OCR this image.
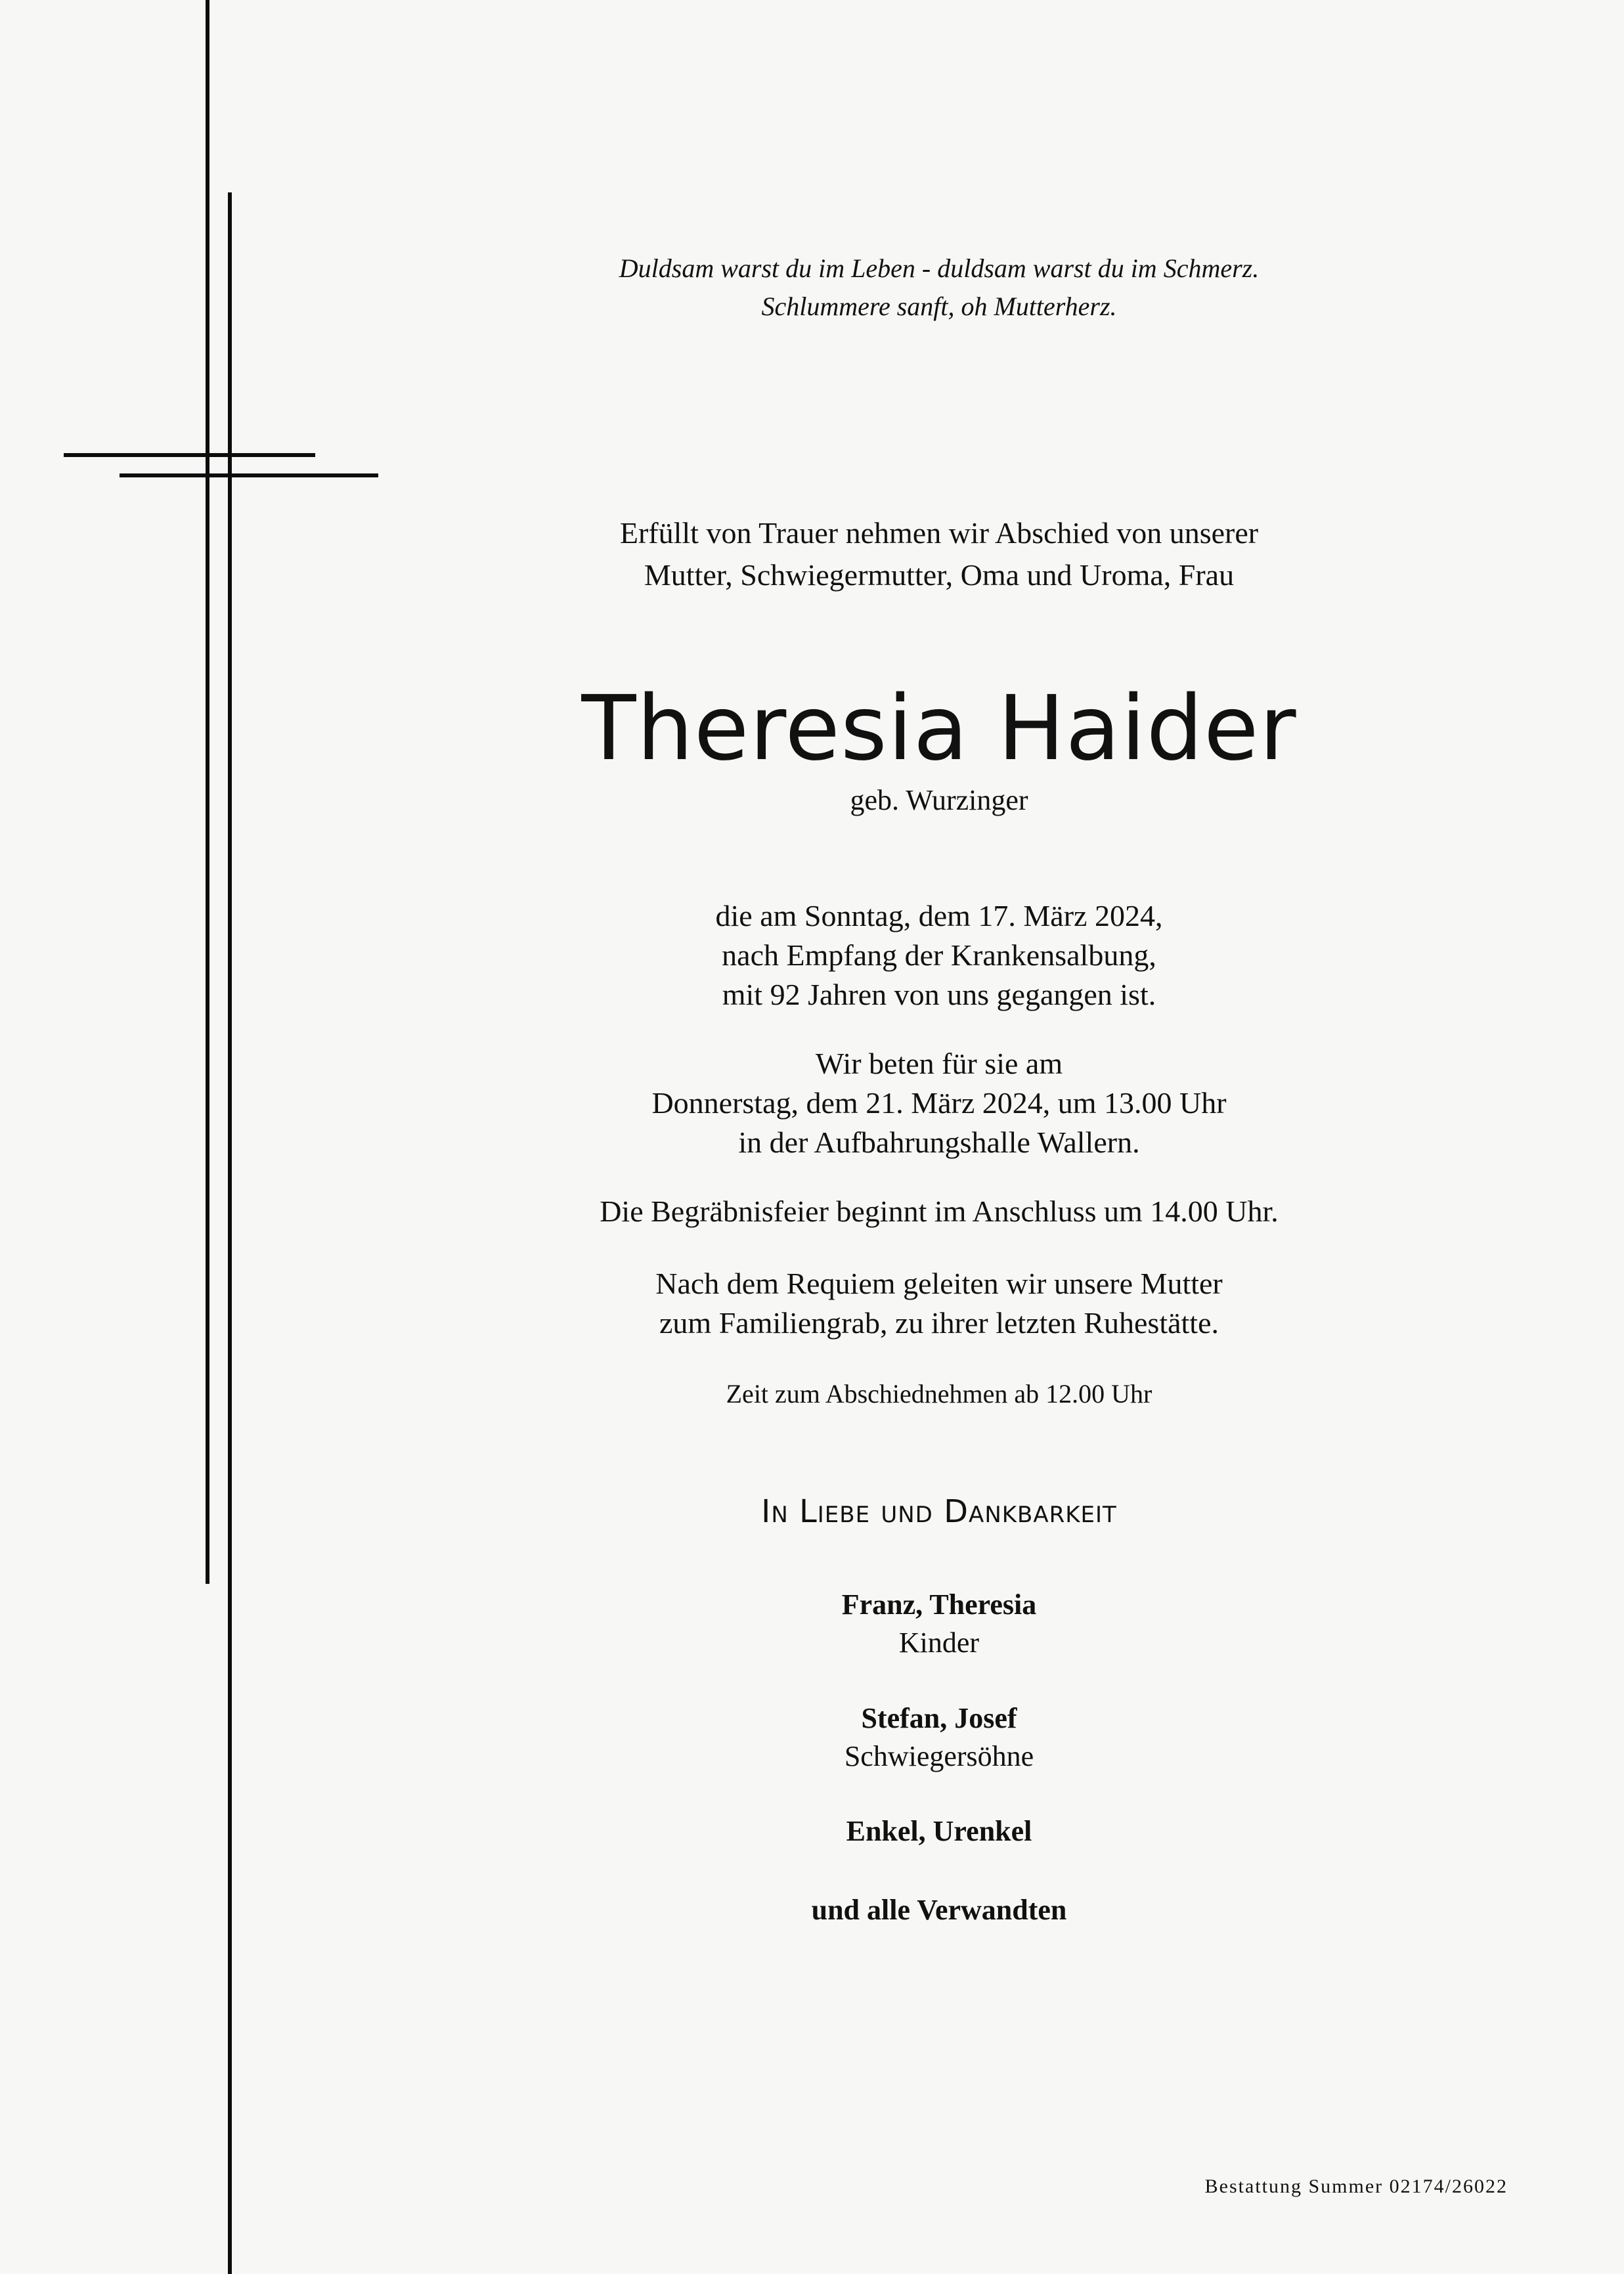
Duldsam warst du im Leben - duldsam warst du im Schmerz.
Schlummere sanft, oh Mutterherz.
Erfüllt von Trauer nehmen wir Abschied von unserer
Mutter, Schwiegermutter, Oma und Uroma, Frau
Theresia Haider
geb. Wurzinger
die am Sonntag, dem 17. März 2024,
nach Empfang der Krankensalbung,
mit 92 Jahren von uns gegangen ist.
Wir beten für sie am
Donnerstag, dem 21. März 2024, um 13.00 Uhr
in der Aufbahrungshalle Wallern.
Die Begräbnisfeier beginnt im Anschluss um 14.00 Uhr.
Nach dem Requiem geleiten wir unsere Mutter
zum Familiengrab, zu ihrer letzten Ruhestätte.
Zeit zum Abschiednehmen ab 12.00 Uhr
In Liebe und Dankbarkeit
Franz, Theresia
Kinder
Stefan, Josef
Schwiegersöhne
Enkel, Urenkel
und alle Verwandten
Bestattung Summer 02174/26022
